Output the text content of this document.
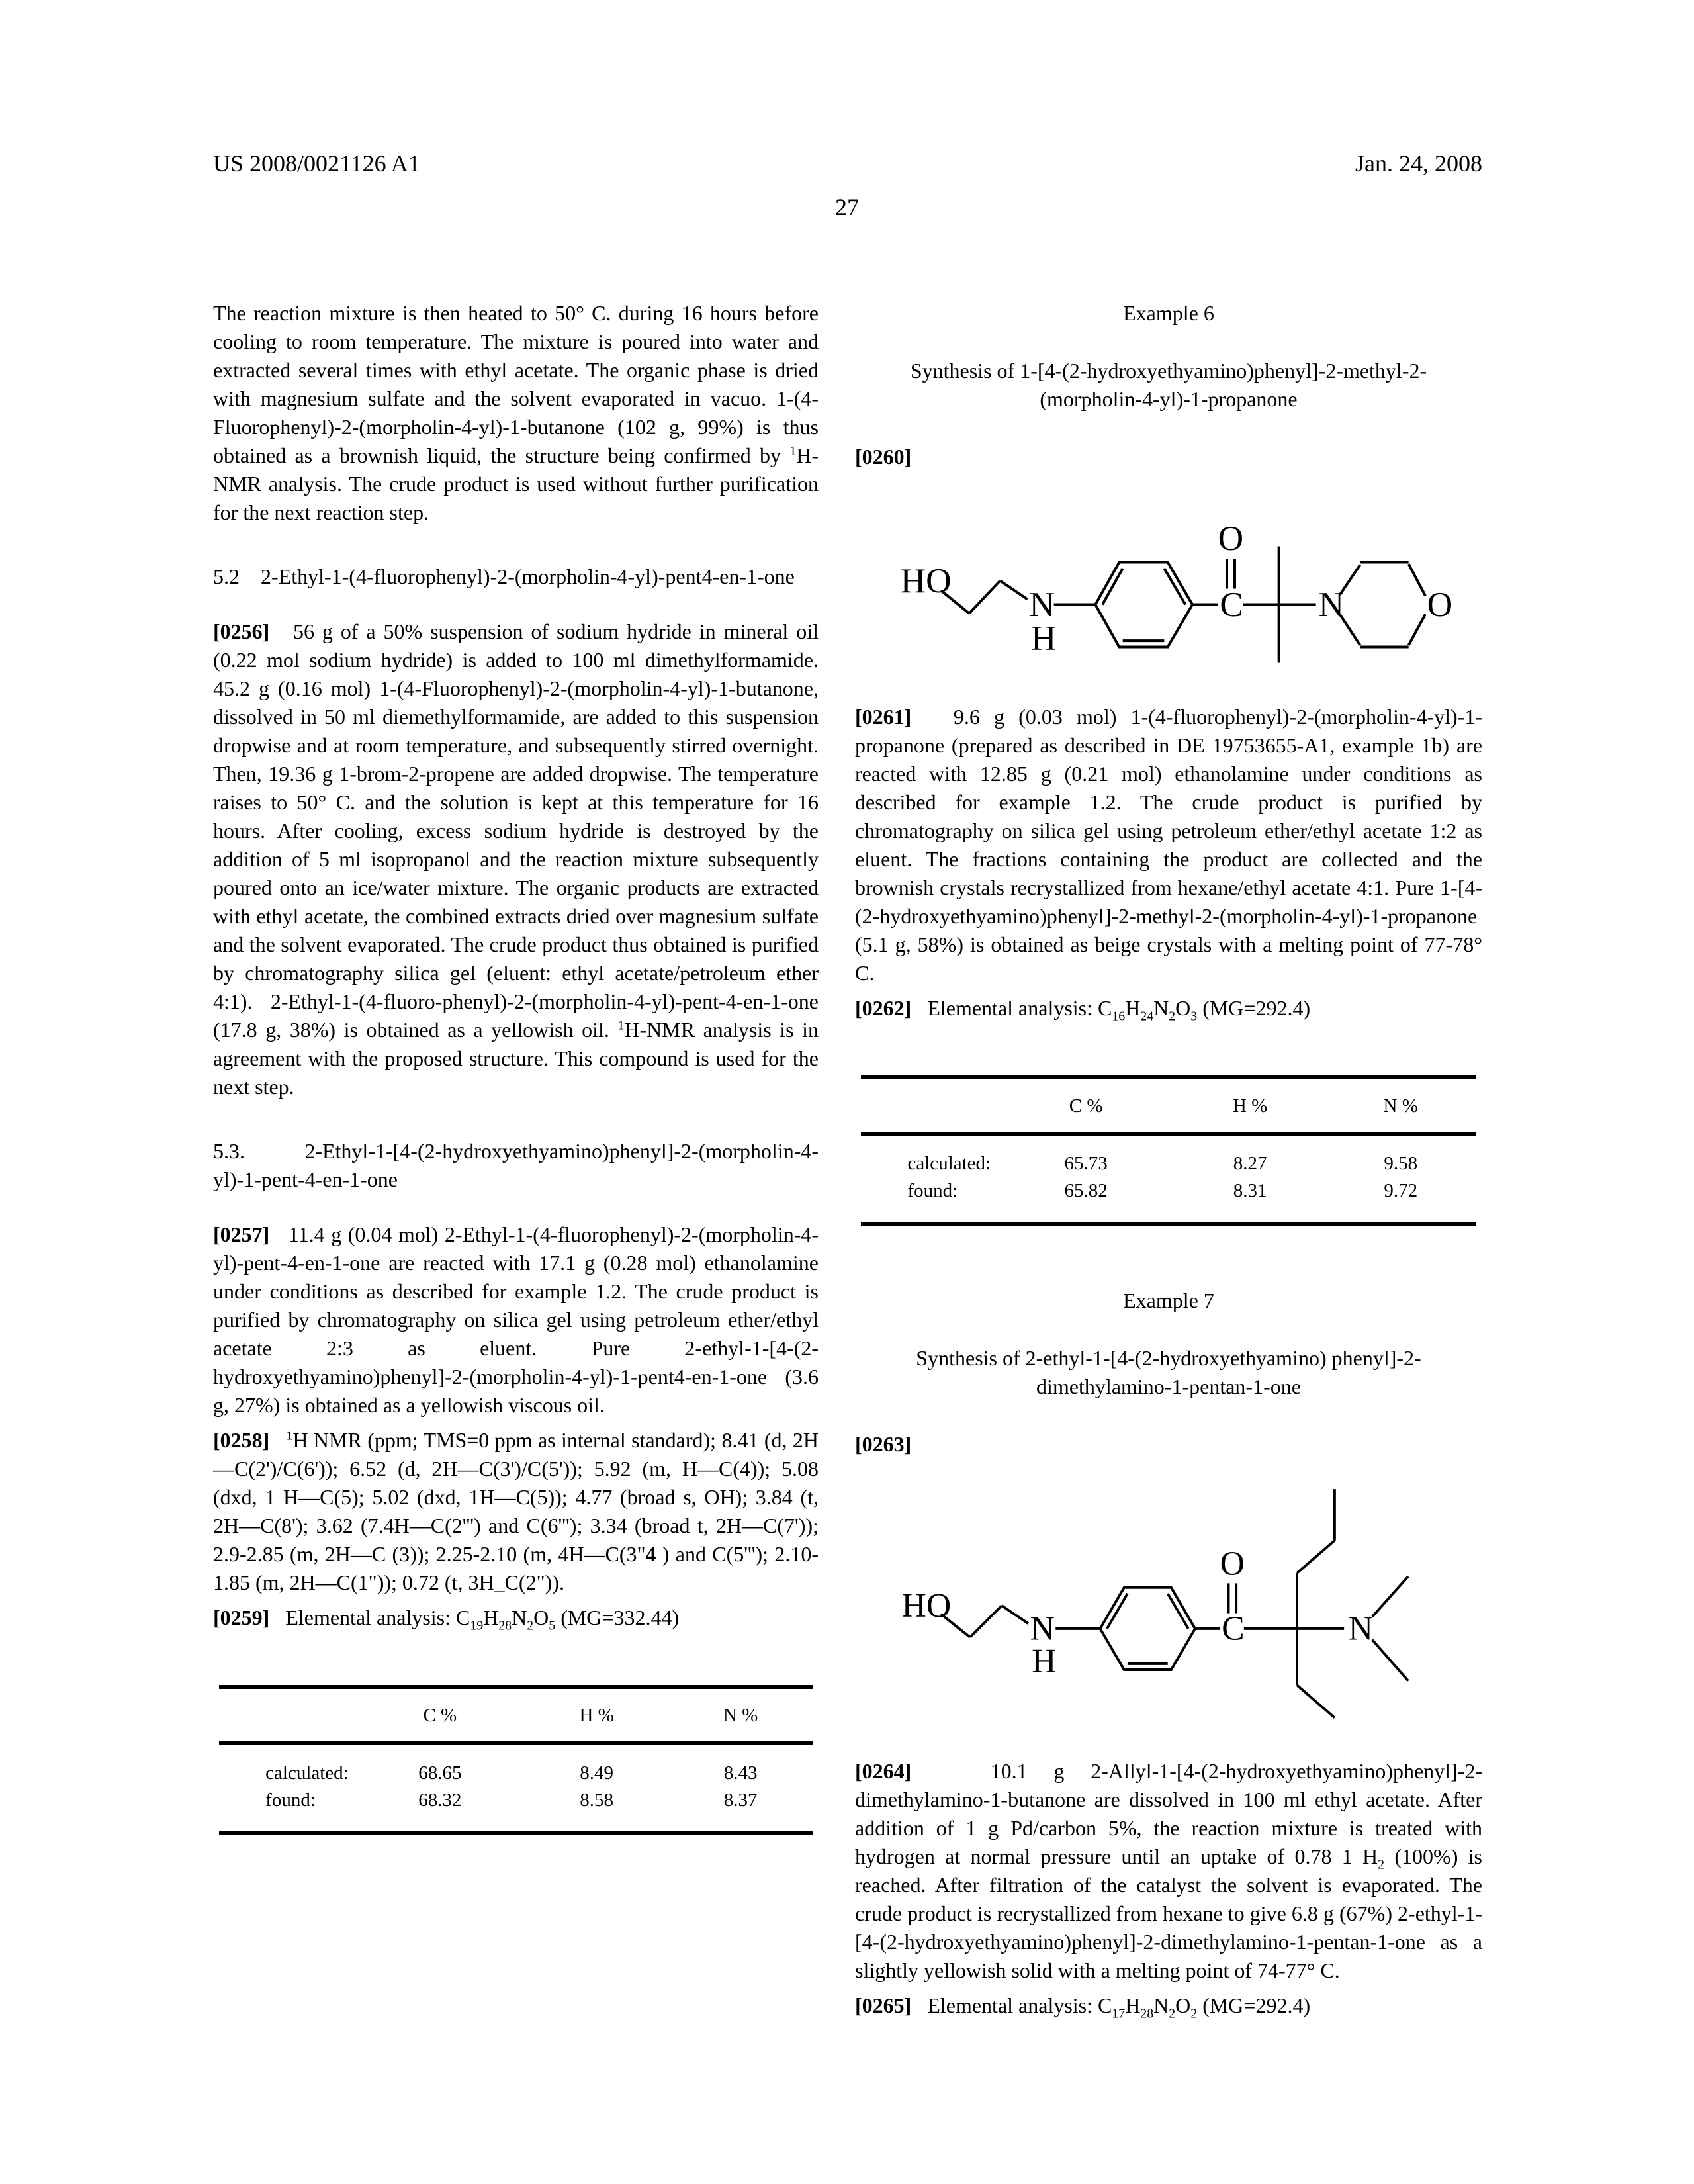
US 2008/0021126 A1	Jan. 24, 2008
27

The reaction mixture is then heated to 50° C. during 16 hours before cooling to room temperature. The mixture is poured into water and extracted several times with ethyl acetate. The organic phase is dried with magnesium sulfate and the solvent evaporated in vacuo. 1-(4-Fluorophenyl)-2-(morpholin-4-yl)-1-butanone (102 g, 99%) is thus obtained as a brownish liquid, the structure being confirmed by $^1$H-NMR analysis. The crude product is used without further purification for the next reaction step.

5.2    2-Ethyl-1-(4-fluorophenyl)-2-(morpholin-4-yl)-pent4-en-1-one

[0256]   56 g of a 50% suspension of sodium hydride in mineral oil (0.22 mol sodium hydride) is added to 100 ml dimethylformamide. 45.2 g (0.16 mol) 1-(4-Fluorophenyl)-2-(morpholin-4-yl)-1-butanone, dissolved in 50 ml diemethylformamide, are added to this suspension dropwise and at room temperature, and subsequently stirred overnight. Then, 19.36 g 1-brom-2-propene are added dropwise. The temperature raises to 50° C. and the solution is kept at this temperature for 16 hours. After cooling, excess sodium hydride is destroyed by the addition of 5 ml isopropanol and the reaction mixture subsequently poured onto an ice/water mixture. The organic products are extracted with ethyl acetate, the combined extracts dried over magnesium sulfate and the solvent evaporated. The crude product thus obtained is purified by chromatography silica gel (eluent: ethyl acetate/petroleum ether 4:1). 2-Ethyl-1-(4-fluoro-phenyl)-2-(morpholin-4-yl)-pent-4-en-1-one (17.8 g, 38%) is obtained as a yellowish oil. $^1$H-NMR analysis is in agreement with the proposed structure. This compound is used for the next step.

5.3.     2-Ethyl-1-[4-(2-hydroxyethyamino)phenyl]-2-(morpholin-4-yl)-1-pent-4-en-1-one

[0257]   11.4 g (0.04 mol) 2-Ethyl-1-(4-fluorophenyl)-2-(morpholin-4-yl)-pent-4-en-1-one are reacted with 17.1 g (0.28 mol) ethanolamine under conditions as described for example 1.2. The crude product is purified by chromatography on silica gel using petroleum ether/ethyl acetate 2:3 as eluent. Pure 2-ethyl-1-[4-(2-hydroxyethyamino)phenyl]-2-(morpholin-4-yl)-1-pent4-en-1-one (3.6 g, 27%) is obtained as a yellowish viscous oil.

[0258] $^1$H NMR (ppm; TMS=0 ppm as internal standard); 8.41 (d, 2H—C(2')/C(6')); 6.52 (d, 2H—C(3')/C(5')); 5.92 (m, H—C(4)); 5.08 (dxd, 1 H—C(5); 5.02 (dxd, 1H—C(5)); 4.77 (broad s, OH); 3.84 (t, 2H—C(8'); 3.62 (7.4H—C(2''') and C(6'''); 3.34 (broad t, 2H—C(7')); 2.9-2.85 (m, 2H—C (3)); 2.25-2.10 (m, 4H—C(3"4 ) and C(5'''); 2.10-1.85 (m, 2H—C(1")); 0.72 (t, 3H_C(2")).

[0259]   Elemental analysis: $C_{19}H_{28}N_2O_5$ (MG=332.44)

	C %	H %	N %
calculated:	68.65	8.49	8.43
found:	68.32	8.58	8.37

Example 6

Synthesis of 1-[4-(2-hydroxyethyamino)phenyl]-2-methyl-2-(morpholin-4-yl)-1-propanone

[0260]

HO
N
H
O
C	N	O

[0261]   9.6 g (0.03 mol) 1-(4-fluorophenyl)-2-(morpholin-4-yl)-1-propanone (prepared as described in DE 19753655-A1, example 1b) are reacted with 12.85 g (0.21 mol) ethanolamine under conditions as described for example 1.2. The crude product is purified by chromatography on silica gel using petroleum ether/ethyl acetate 1:2 as eluent. The fractions containing the product are collected and the brownish crystals recrystallized from hexane/ethyl acetate 4:1. Pure 1-[4-(2-hydroxyethyamino)phenyl]-2-methyl-2-(morpholin-4-yl)-1-propanone (5.1 g, 58%) is obtained as beige crystals with a melting point of 77-78° C.

[0262]   Elemental analysis: $C_{16}H_{24}N_2O_3$ (MG=292.4)

	C %	H %	N %
calculated:	65.73	8.27	9.58
found:	65.82	8.31	9.72

Example 7

Synthesis of 2-ethyl-1-[4-(2-hydroxyethyamino) phenyl]-2-dimethylamino-1-pentan-1-one

[0263]

HO
N
H
O
C	N

[0264]   10.1 g 2-Allyl-1-[4-(2-hydroxyethyamino)phenyl]-2-dimethylamino-1-butanone are dissolved in 100 ml ethyl acetate. After addition of 1 g Pd/carbon 5%, the reaction mixture is treated with hydrogen at normal pressure until an uptake of 0.78 1 $H_2$ (100%) is reached. After filtration of the catalyst the solvent is evaporated. The crude product is recrystallized from hexane to give 6.8 g (67%) 2-ethyl-1-[4-(2-hydroxyethyamino)phenyl]-2-dimethylamino-1-pentan-1-one as a slightly yellowish solid with a melting point of 74-77° C.

[0265]   Elemental analysis: $C_{17}H_{28}N_2O_2$ (MG=292.4)
